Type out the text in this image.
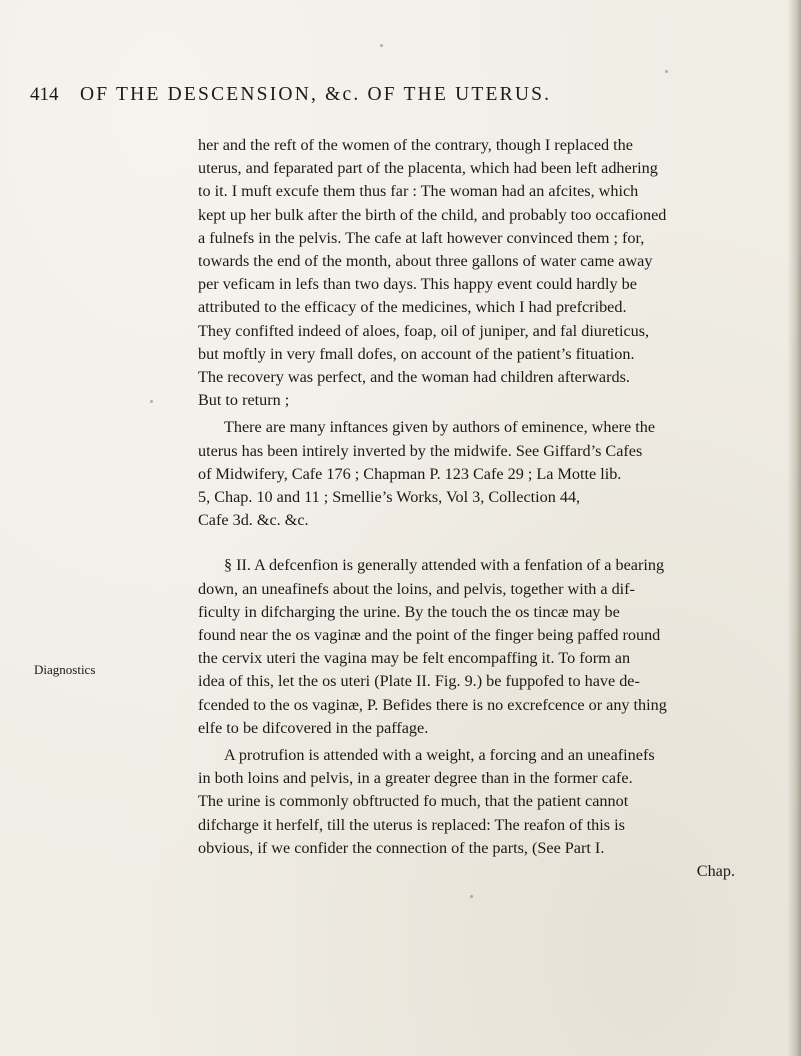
414 OF THE DESCENSION, &c. OF THE UTERUS.
Diagnostics

her and the reft of the women of the contrary, though I replaced the

uterus, and feparated part of the placenta, which had been left adhering

to it. I muft excufe them thus far : The woman had an afcites, which

kept up her bulk after the birth of the child, and probably too occafioned

a fulnefs in the pelvis. The cafe at laft however convinced them ; for,

towards the end of the month, about three gallons of water came away

per veficam in lefs than two days. This happy event could hardly be

attributed to the efficacy of the medicines, which I had prefcribed.

They confifted indeed of aloes, foap, oil of juniper, and fal diureticus,

but moftly in very fmall dofes, on account of the patient’s fituation.

The recovery was perfect, and the woman had children afterwards.

But to return ;

There are many inftances given by authors of eminence, where the

uterus has been intirely inverted by the midwife. See Giffard’s Cafes

of Midwifery, Cafe 176 ; Chapman P. 123 Cafe 29 ; La Motte lib.

5, Chap. 10 and 11 ; Smellie’s Works, Vol 3, Collection 44,

Cafe 3d. &c. &c.

§ II. A defcenfion is generally attended with a fenfation of a bearing

down, an uneafinefs about the loins, and pelvis, together with a dif-

ficulty in difcharging the urine. By the touch the os tincæ may be

found near the os vaginæ and the point of the finger being paffed round

the cervix uteri the vagina may be felt encompaffing it. To form an

idea of this, let the os uteri (Plate II. Fig. 9.) be fuppofed to have de-

fcended to the os vaginæ, P. Befides there is no excrefcence or any thing

elfe to be difcovered in the paffage.

A protrufion is attended with a weight, a forcing and an uneafinefs

in both loins and pelvis, in a greater degree than in the former cafe.

The urine is commonly obftructed fo much, that the patient cannot

difcharge it herfelf, till the uterus is replaced: The reafon of this is

obvious, if we confider the connection of the parts, (See Part I.

Chap.
